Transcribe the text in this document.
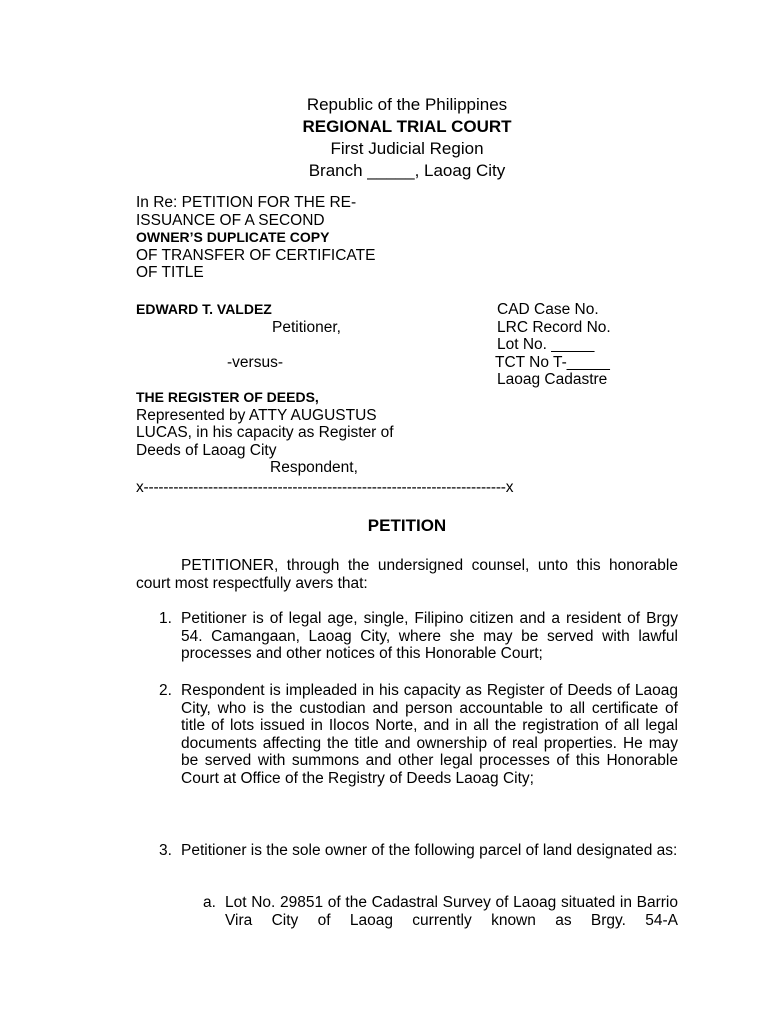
Republic of the Philippines
REGIONAL TRIAL COURT
First Judicial Region
Branch _____, Laoag City
In Re: PETITION FOR THE RE-
ISSUANCE OF A SECOND
OWNER’S DUPLICATE COPY
OF TRANSFER OF CERTIFICATE
OF TITLE
EDWARD T. VALDEZ
Petitioner,

-versus-
CAD Case No.
LRC Record No.
Lot No. _____
TCT No T-_____
Laoag Cadastre
THE REGISTER OF DEEDS,
Represented by ATTY AUGUSTUS
LUCAS, in his capacity as Register of
Deeds of Laoag City
Respondent,
x-------------------------------------------------------------------------x
PETITION
PETITIONER, through the undersigned counsel, unto this honorable court most respectfully avers that:
1. Petitioner is of legal age, single, Filipino citizen and a resident of Brgy 54. Camangaan, Laoag City, where she may be served with lawful processes and other notices of this Honorable Court;
2. Respondent is impleaded in his capacity as Register of Deeds of Laoag City, who is the custodian and person accountable to all certificate of title of lots issued in Ilocos Norte, and in all the registration of all legal documents affecting the title and ownership of real properties. He may be served with summons and other legal processes of this Honorable Court at Office of the Registry of Deeds Laoag City;
3. Petitioner is the sole owner of the following parcel of land designated as:
a. Lot No. 29851 of the Cadastral Survey of Laoag situated in Barrio Vira City of Laoag currently known as Brgy. 54-A
